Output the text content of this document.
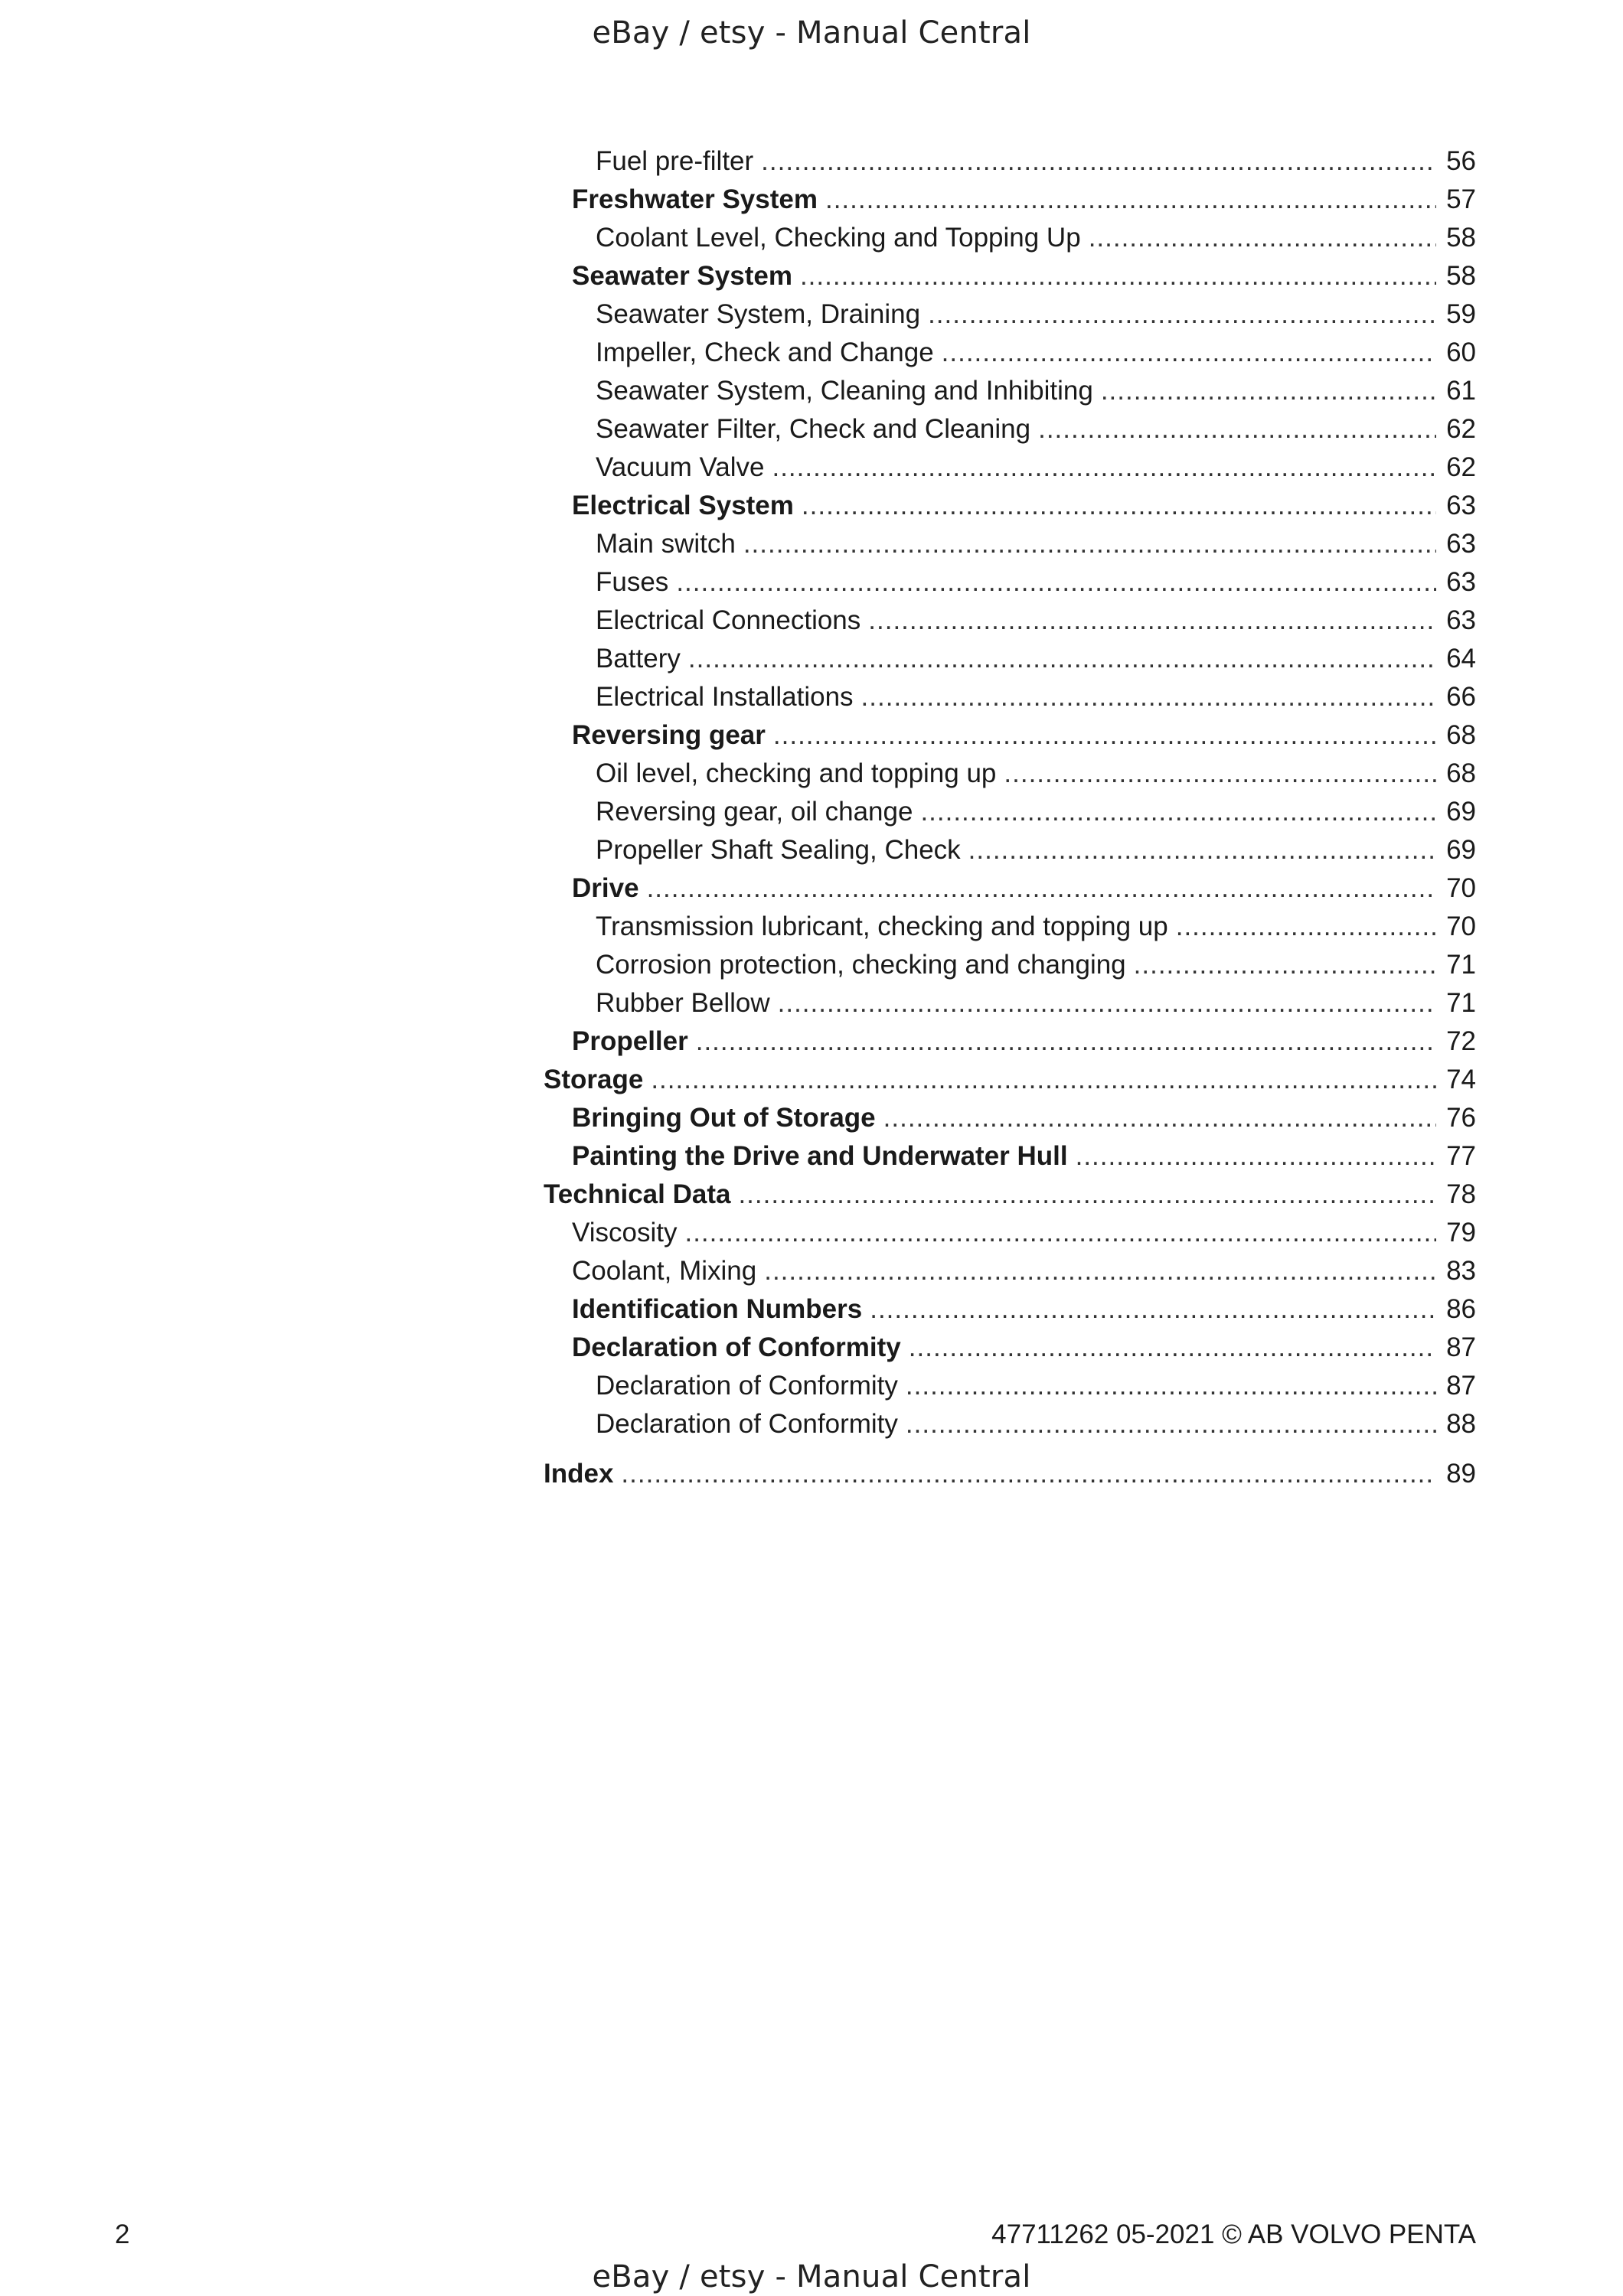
eBay / etsy - Manual Central
Fuel pre-filter .....	56
Freshwater System .....	57
Coolant Level, Checking and Topping Up .....	58
Seawater System .....	58
Seawater System, Draining .....	59
Impeller, Check and Change .....	60
Seawater System, Cleaning and Inhibiting .....	61
Seawater Filter, Check and Cleaning .....	62
Vacuum Valve .....	62
Electrical System .....	63
Main switch .....	63
Fuses .....	63
Electrical Connections .....	63
Battery .....	64
Electrical Installations .....	66
Reversing gear .....	68
Oil level, checking and topping up .....	68
Reversing gear, oil change .....	69
Propeller Shaft Sealing, Check .....	69
Drive .....	70
Transmission lubricant, checking and topping up .....	70
Corrosion protection, checking and changing .....	71
Rubber Bellow .....	71
Propeller .....	72
Storage .....	74
Bringing Out of Storage .....	76
Painting the Drive and Underwater Hull .....	77
Technical Data .....	78
Viscosity .....	79
Coolant, Mixing .....	83
Identification Numbers .....	86
Declaration of Conformity .....	87
Declaration of Conformity .....	87
Declaration of Conformity .....	88
Index .....	89
2	47711262 05-2021 © AB VOLVO PENTA
eBay / etsy - Manual Central
